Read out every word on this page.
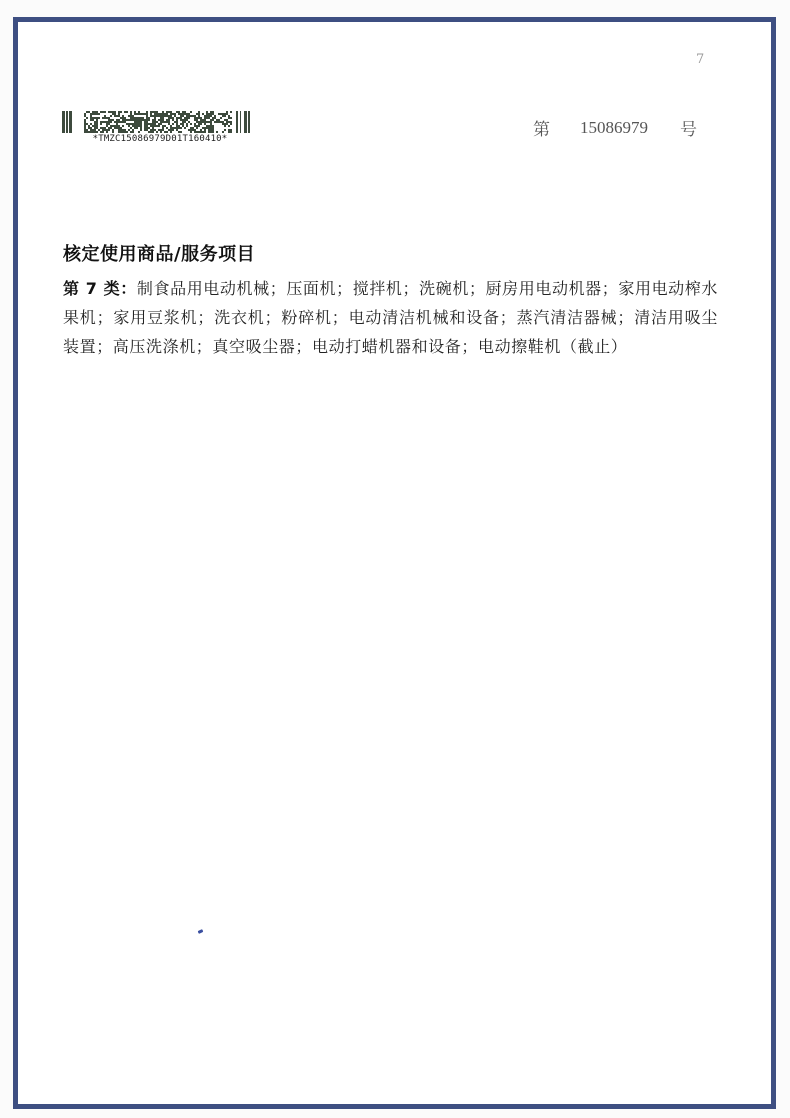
7
*TMZC15086979D01T160410*	第 15086979 号
核定使用商品/服务项目
第 7 类：制食品用电动机械；压面机；搅拌机；洗碗机；厨房用电动机器；家用电动榨水果机；家用豆浆机；洗衣机；粉碎机；电动清洁机械和设备；蒸汽清洁器械；清洁用吸尘装置；高压洗涤机；真空吸尘器；电动打蜡机器和设备；电动擦鞋机（截止）
